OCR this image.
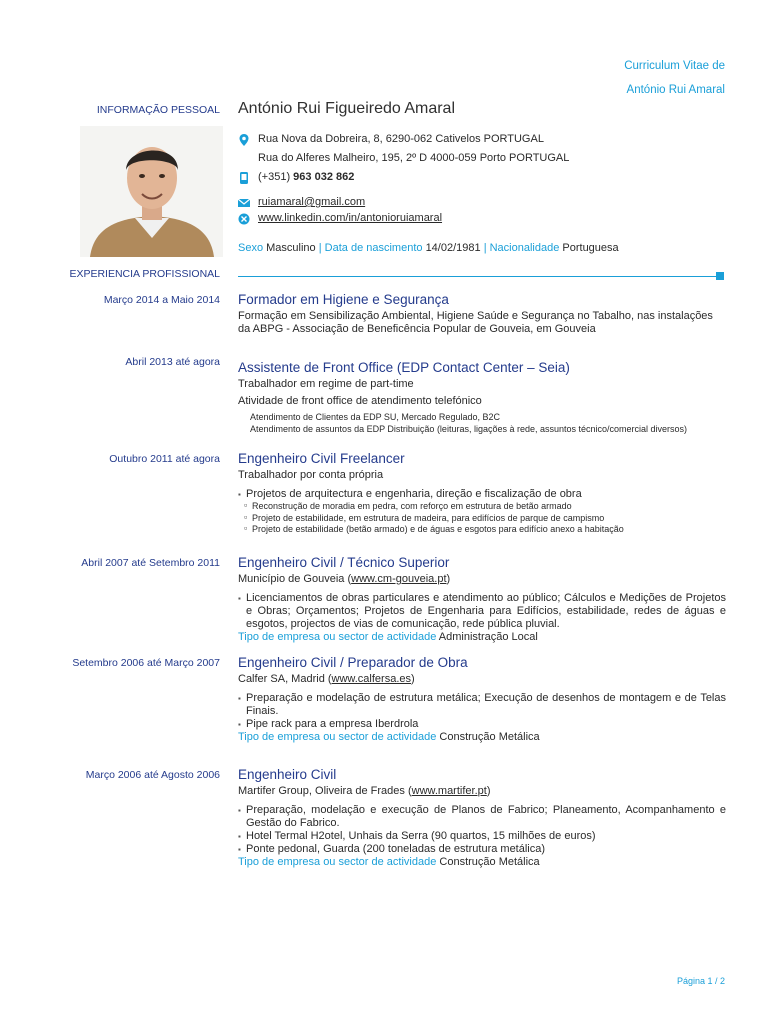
Curriculum Vitae de
António Rui Amaral
INFORMAÇÃO PESSOAL António Rui Figueiredo Amaral
Rua Nova da Dobreira, 8, 6290-062 Cativelos PORTUGAL
Rua do Alferes Malheiro, 195, 2º D 4000-059 Porto PORTUGAL
(+351) 963 032 862
ruiamaral@gmail.com
www.linkedin.com/in/antonioruiamaral
Sexo Masculino | Data de nascimento 14/02/1981 | Nacionalidade Portuguesa
EXPERIENCIA PROFISSIONAL
Março 2014 a Maio 2014 Formador em Higiene e Segurança
Formação em Sensibilização Ambiental, Higiene Saúde e Segurança no Tabalho, nas instalações da ABPG - Associação de Beneficência Popular de Gouveia, em Gouveia
Abril 2013 até agora Assistente de Front Office (EDP Contact Center – Seia)
Trabalhador em regime de part-time
Atividade de front office de atendimento telefónico
Atendimento de Clientes da EDP SU, Mercado Regulado, B2C
Atendimento de assuntos da EDP Distribuição (leituras, ligações à rede, assuntos técnico/comercial diversos)
Outubro 2011 até agora Engenheiro Civil Freelancer
Trabalhador por conta própria
▪ Projetos de arquitectura e engenharia, direção e fiscalização de obra
▫ Reconstrução de moradia em pedra, com reforço em estrutura de betão armado
▫ Projeto de estabilidade, em estrutura de madeira, para edifícios de parque de campismo
▫ Projeto de estabilidade (betão armado) e de águas e esgotos para edifício anexo a habitação
Abril 2007 até Setembro 2011 Engenheiro Civil / Técnico Superior
Município de Gouveia (www.cm-gouveia.pt)
▪ Licenciamentos de obras particulares e atendimento ao público; Cálculos e Medições de Projetos e Obras; Orçamentos; Projetos de Engenharia para Edifícios, estabilidade, redes de águas e esgotos, projectos de vias de comunicação, rede pública pluvial.
Tipo de empresa ou sector de actividade Administração Local
Setembro 2006 até Março 2007 Engenheiro Civil / Preparador de Obra
Calfer SA, Madrid (www.calfersa.es)
▪ Preparação e modelação de estrutura metálica; Execução de desenhos de montagem e de Telas Finais.
▪ Pipe rack para a empresa Iberdrola
Tipo de empresa ou sector de actividade Construção Metálica
Março 2006 até Agosto 2006 Engenheiro Civil
Martifer Group, Oliveira de Frades (www.martifer.pt)
▪ Preparação, modelação e execução de Planos de Fabrico; Planeamento, Acompanhamento e Gestão do Fabrico.
▪ Hotel Termal H2otel, Unhais da Serra (90 quartos, 15 milhões de euros)
▪ Ponte pedonal, Guarda (200 toneladas de estrutura metálica)
Tipo de empresa ou sector de actividade Construção Metálica
Página 1 / 2
